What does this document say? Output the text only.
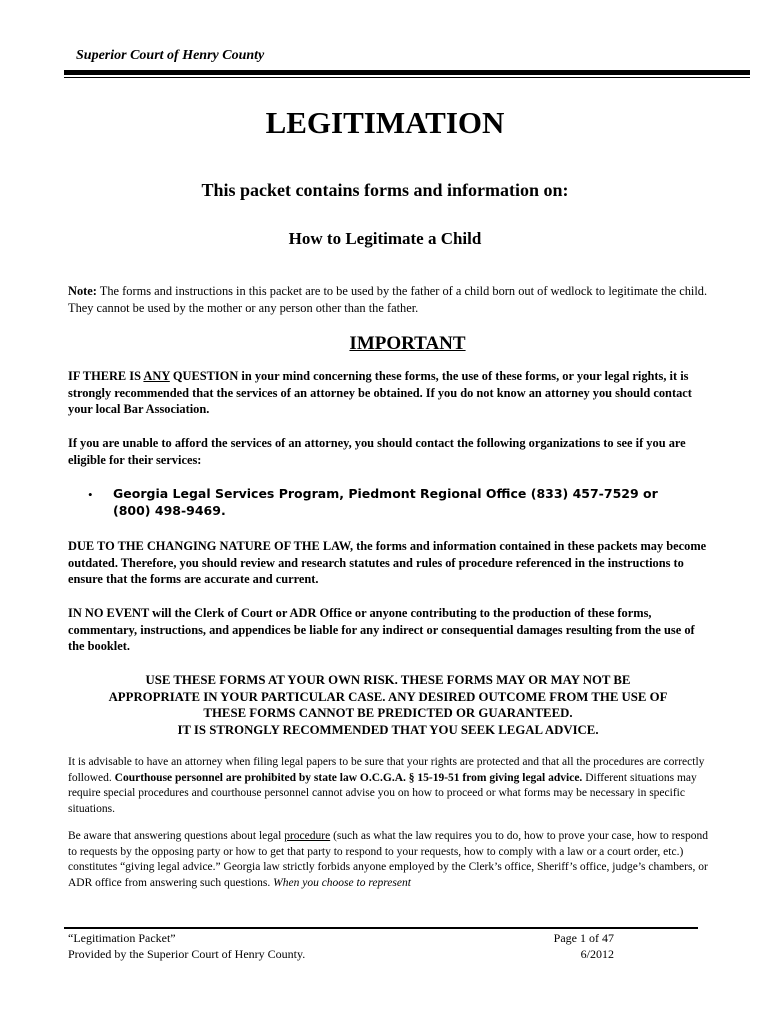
Superior Court of Henry County
LEGITIMATION
This packet contains forms and information on:
How to Legitimate a Child
Note: The forms and instructions in this packet are to be used by the father of a child born out of wedlock to legitimate the child. They cannot be used by the mother or any person other than the father.
IMPORTANT
IF THERE IS ANY QUESTION in your mind concerning these forms, the use of these forms, or your legal rights, it is strongly recommended that the services of an attorney be obtained. If you do not know an attorney you should contact your local Bar Association.
If you are unable to afford the services of an attorney, you should contact the following organizations to see if you are eligible for their services:
• Georgia Legal Services Program, Piedmont Regional Office (833) 457-7529 or (800) 498-9469.
DUE TO THE CHANGING NATURE OF THE LAW, the forms and information contained in these packets may become outdated. Therefore, you should review and research statutes and rules of procedure referenced in the instructions to ensure that the forms are accurate and current.
IN NO EVENT will the Clerk of Court or ADR Office or anyone contributing to the production of these forms, commentary, instructions, and appendices be liable for any indirect or consequential damages resulting from the use of the booklet.
USE THESE FORMS AT YOUR OWN RISK. THESE FORMS MAY OR MAY NOT BE
APPROPRIATE IN YOUR PARTICULAR CASE. ANY DESIRED OUTCOME FROM THE USE OF
THESE FORMS CANNOT BE PREDICTED OR GUARANTEED.
IT IS STRONGLY RECOMMENDED THAT YOU SEEK LEGAL ADVICE.
It is advisable to have an attorney when filing legal papers to be sure that your rights are protected and that all the procedures are correctly followed. Courthouse personnel are prohibited by state law O.C.G.A. § 15-19-51 from giving legal advice. Different situations may require special procedures and courthouse personnel cannot advise you on how to proceed or what forms may be necessary in specific situations.
Be aware that answering questions about legal procedure (such as what the law requires you to do, how to prove your case, how to respond to requests by the opposing party or how to get that party to respond to your requests, how to comply with a law or a court order, etc.) constitutes “giving legal advice.” Georgia law strictly forbids anyone employed by the Clerk’s office, Sheriff’s office, judge’s chambers, or ADR office from answering such questions. When you choose to represent
“Legitimation Packet”
Provided by the Superior Court of Henry County.
Page 1 of 47
6/2012
